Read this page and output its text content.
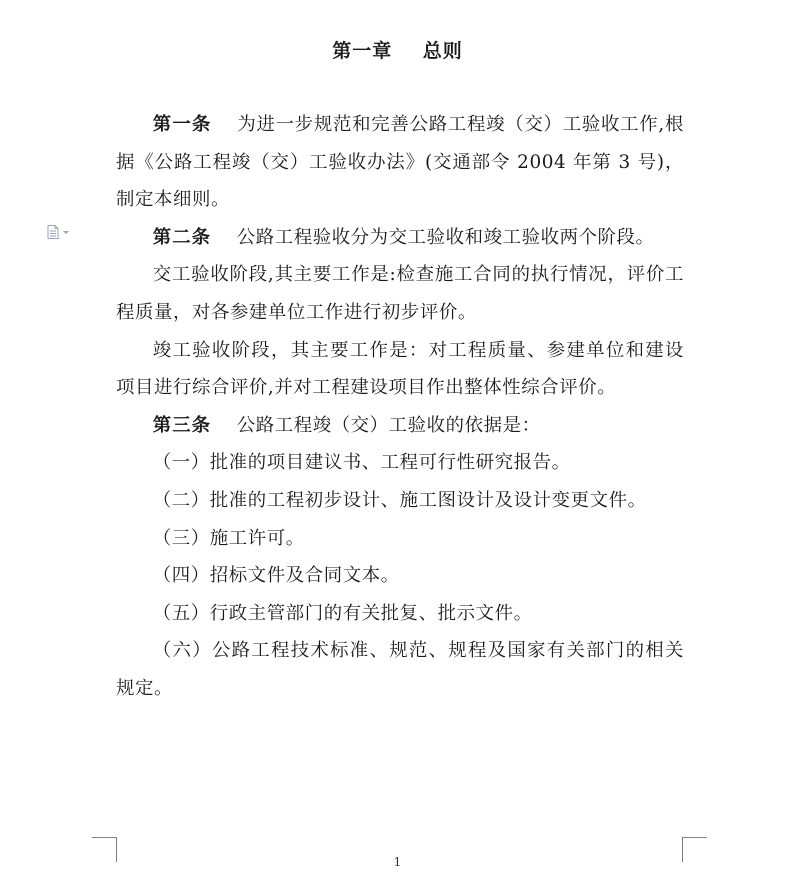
第一章    总则

第一条 为进一步规范和完善公路工程竣（交）工验收工作,根据《公路工程竣（交）工验收办法》(交通部令 2004 年第 3 号)，制定本细则。

第二条 公路工程验收分为交工验收和竣工验收两个阶段。

交工验收阶段,其主要工作是:检查施工合同的执行情况，评价工程质量，对各参建单位工作进行初步评价。

竣工验收阶段，其主要工作是：对工程质量、参建单位和建设项目进行综合评价,并对工程建设项目作出整体性综合评价。

第三条 公路工程竣（交）工验收的依据是：

（一）批准的项目建议书、工程可行性研究报告。

（二）批准的工程初步设计、施工图设计及设计变更文件。

（三）施工许可。

（四）招标文件及合同文本。

（五）行政主管部门的有关批复、批示文件。

（六）公路工程技术标准、规范、规程及国家有关部门的相关规定。

1
